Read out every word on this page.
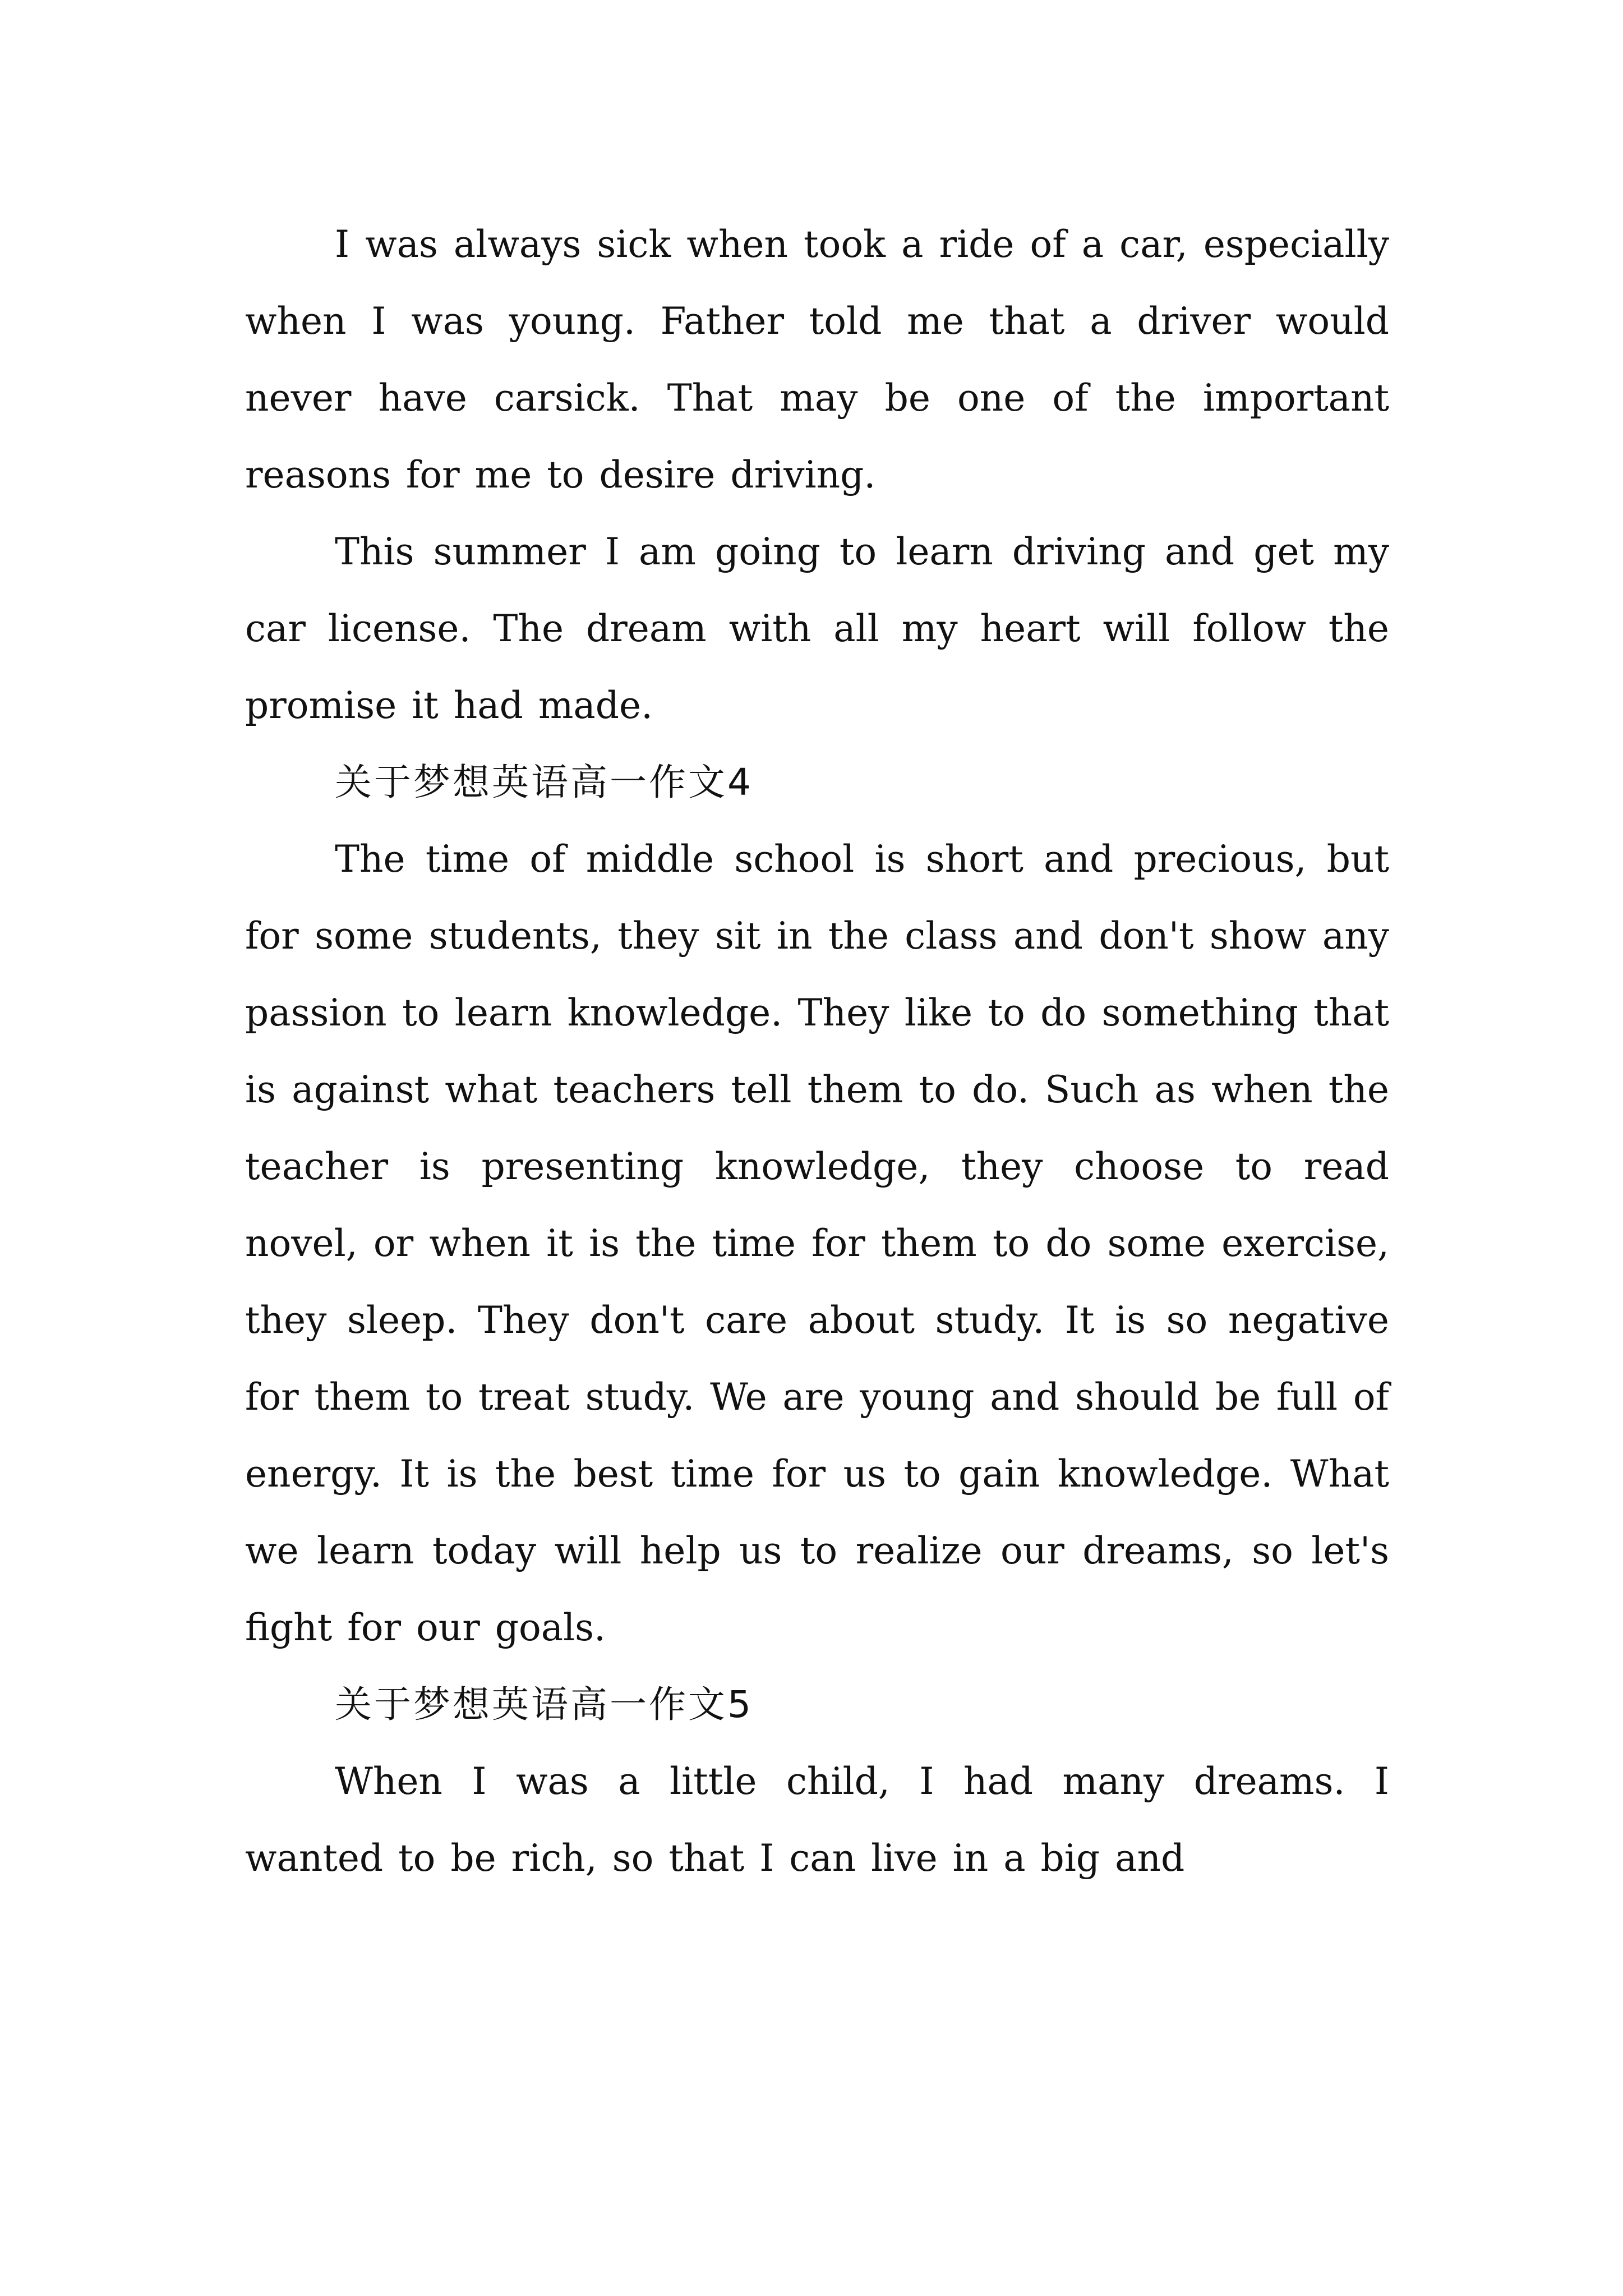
I was always sick when took a ride of a car, especially when I was young. Father told me that a driver would never have carsick. That may be one of the important reasons for me to desire driving.

This summer I am going to learn driving and get my car license. The dream with all my heart will follow the promise it had made.

关于梦想英语高一作文4

The time of middle school is short and precious, but for some students, they sit in the class and don't show any passion to learn knowledge. They like to do something that is against what teachers tell them to do. Such as when the teacher is presenting knowledge, they choose to read novel, or when it is the time for them to do some exercise, they sleep. They don't care about study. It is so negative for them to treat study. We are young and should be full of energy. It is the best time for us to gain knowledge. What we learn today will help us to realize our dreams, so let's fight for our goals.

关于梦想英语高一作文5

When I was a little child, I had many dreams. I wanted to be rich, so that I can live in a big and
